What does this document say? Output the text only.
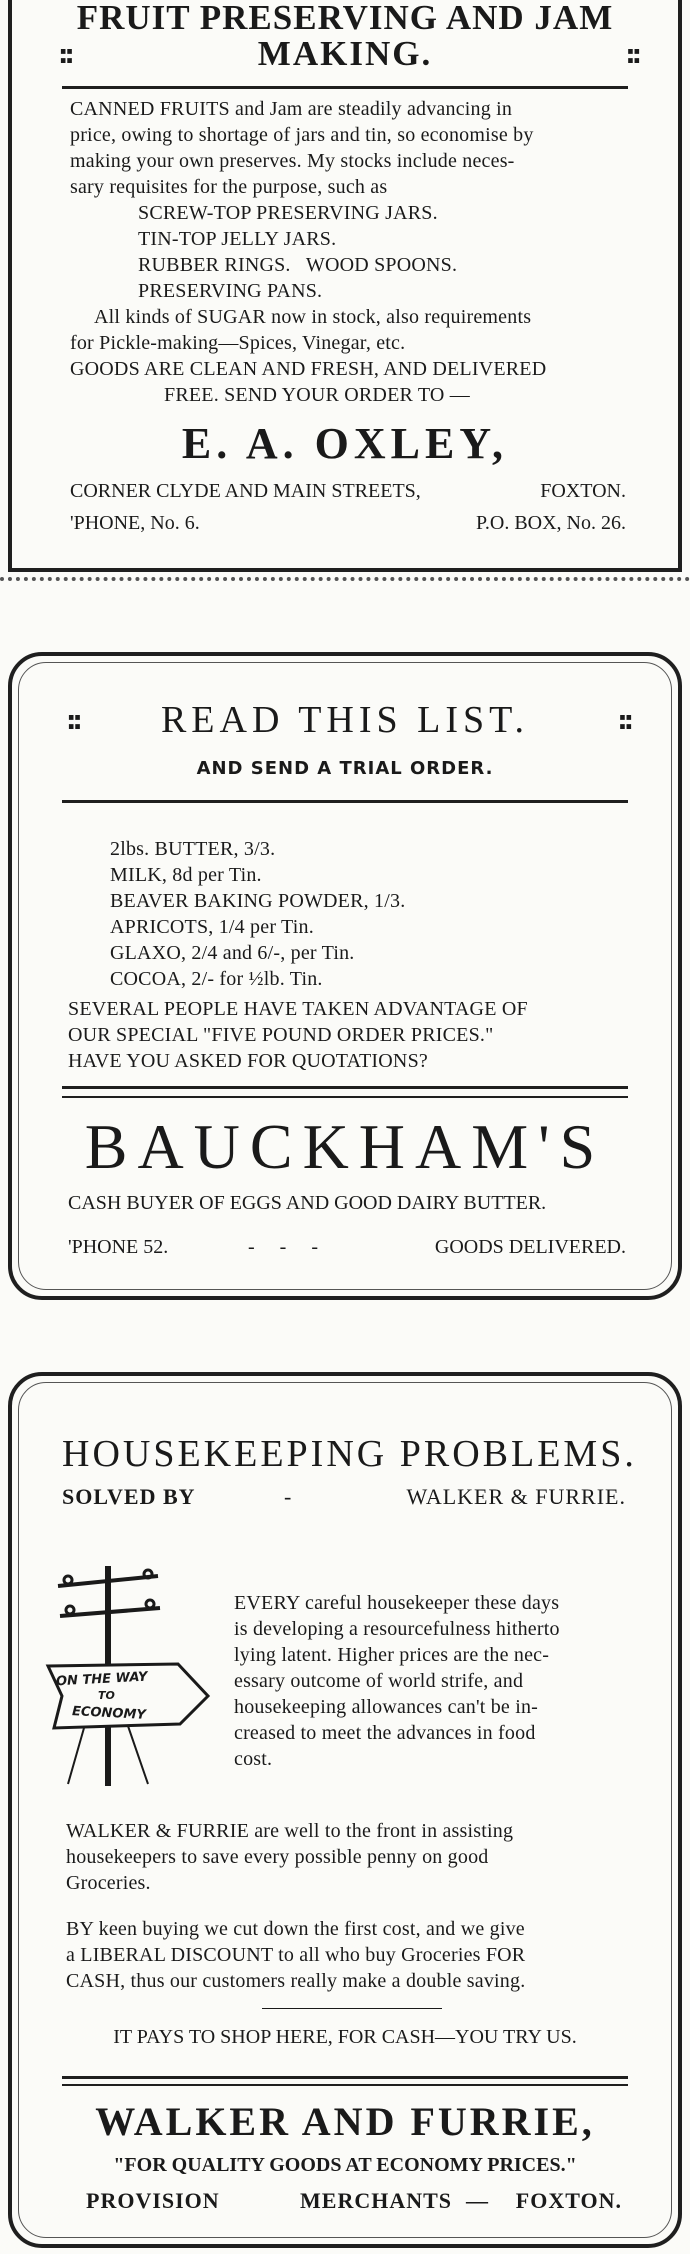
FRUIT PRESERVING AND JAM
::	MAKING.	::
CANNED FRUITS and Jam are steadily advancing in
price, owing to shortage of jars and tin, so economise by
making your own preserves. My stocks include neces-
sary requisites for the purpose, such as
SCREW-TOP PRESERVING JARS.
TIN-TOP JELLY JARS.
RUBBER RINGS.   WOOD SPOONS.
PRESERVING PANS.
All kinds of SUGAR now in stock, also requirements
for Pickle-making—Spices, Vinegar, etc.
GOODS ARE CLEAN AND FRESH, AND DELIVERED
FREE. SEND YOUR ORDER TO —
E. A. OXLEY,
CORNER CLYDE AND MAIN STREETS,	FOXTON.
'PHONE, No. 6.	P.O. BOX, No. 26.
::	READ THIS LIST.	::
AND SEND A TRIAL ORDER.
2lbs. BUTTER, 3/3.
MILK, 8d per Tin.
BEAVER BAKING POWDER, 1/3.
APRICOTS, 1/4 per Tin.
GLAXO, 2/4 and 6/-, per Tin.
COCOA, 2/- for ½lb. Tin.
SEVERAL PEOPLE HAVE TAKEN ADVANTAGE OF
OUR SPECIAL "FIVE POUND ORDER PRICES."
HAVE YOU ASKED FOR QUOTATIONS?
BAUCKHAM'S
CASH BUYER OF EGGS AND GOOD DAIRY BUTTER.
'PHONE 52.	-     -     -	GOODS DELIVERED.
HOUSEKEEPING PROBLEMS.
SOLVED BY	-	WALKER & FURRIE.
ON THE WAY
TO
ECONOMY
EVERY careful housekeeper these days
is developing a resourcefulness hitherto
lying latent. Higher prices are the nec-
essary outcome of world strife, and
housekeeping allowances can't be in-
creased to meet the advances in food
cost.
WALKER & FURRIE are well to the front in assisting
housekeepers to save every possible penny on good
Groceries.
BY keen buying we cut down the first cost, and we give
a LIBERAL DISCOUNT to all who buy Groceries FOR
CASH, thus our customers really make a double saving.
IT PAYS TO SHOP HERE, FOR CASH—YOU TRY US.
WALKER AND FURRIE,
"FOR QUALITY GOODS AT ECONOMY PRICES."
PROVISION	MERCHANTS — FOXTON.
